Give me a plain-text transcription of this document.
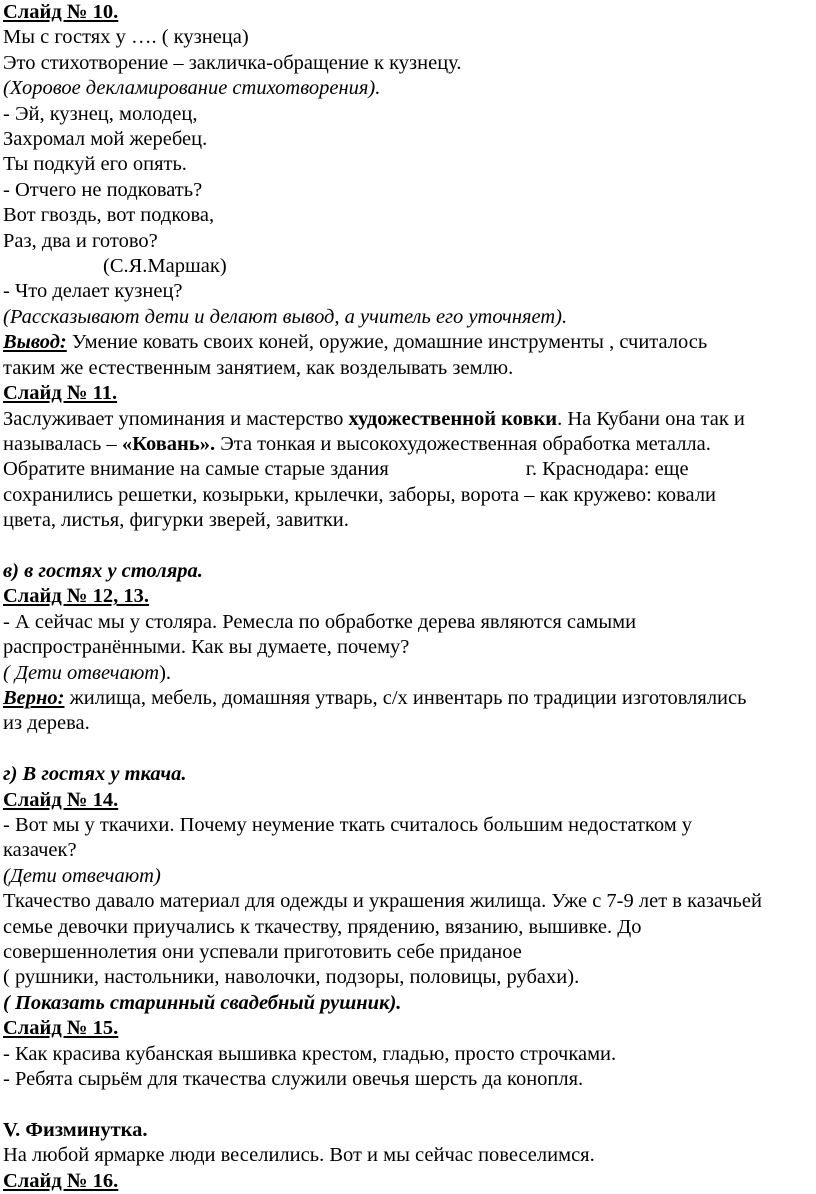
Слайд № 10.
Мы с гостях у …. ( кузнеца)
Это стихотворение – закличка-обращение к кузнецу.
(Хоровое декламирование стихотворения).
- Эй, кузнец, молодец,
Захромал мой жеребец.
Ты подкуй его опять.
- Отчего не подковать?
Вот гвоздь, вот подкова,
Раз, два и готово?
(С.Я.Маршак)
- Что делает кузнец?
(Рассказывают дети и делают вывод, а учитель его уточняет).
Вывод: Умение ковать своих коней, оружие, домашние инструменты , считалось
таким же естественным занятием, как возделывать землю.
Слайд № 11.
Заслуживает упоминания и мастерство художественной ковки. На Кубани она так и
называлась – «Ковань». Эта тонкая и высокохудожественная обработка металла.
Обратите внимание на самые старые здания	г. Краснодара: еще
сохранились решетки, козырьки, крылечки, заборы, ворота – как кружево: ковали
цвета, листья, фигурки зверей, завитки.
в) в гостях у столяра.
Слайд № 12, 13.
- А сейчас мы у столяра. Ремесла по обработке дерева являются самыми
распространёнными. Как вы думаете, почему?
( Дети отвечают).
Верно: жилища, мебель, домашняя утварь, с/х инвентарь по традиции изготовлялись
из дерева.
г) В гостях у ткача.
Слайд № 14.
- Вот мы у ткачихи. Почему неумение ткать считалось большим недостатком у
казачек?
(Дети отвечают)
Ткачество давало материал для одежды и украшения жилища. Уже с 7-9 лет в казачьей
семье девочки приучались к ткачеству, прядению, вязанию, вышивке. До
совершеннолетия они успевали приготовить себе приданое
( рушники, настольники, наволочки, подзоры, половицы, рубахи).
( Показать старинный свадебный рушник).
Слайд № 15.
- Как красива кубанская вышивка крестом, гладью, просто строчками.
- Ребята сырьём для ткачества служили овечья шерсть да конопля.
V. Физминутка.
На любой ярмарке люди веселились. Вот и мы сейчас повеселимся.
Слайд № 16.
